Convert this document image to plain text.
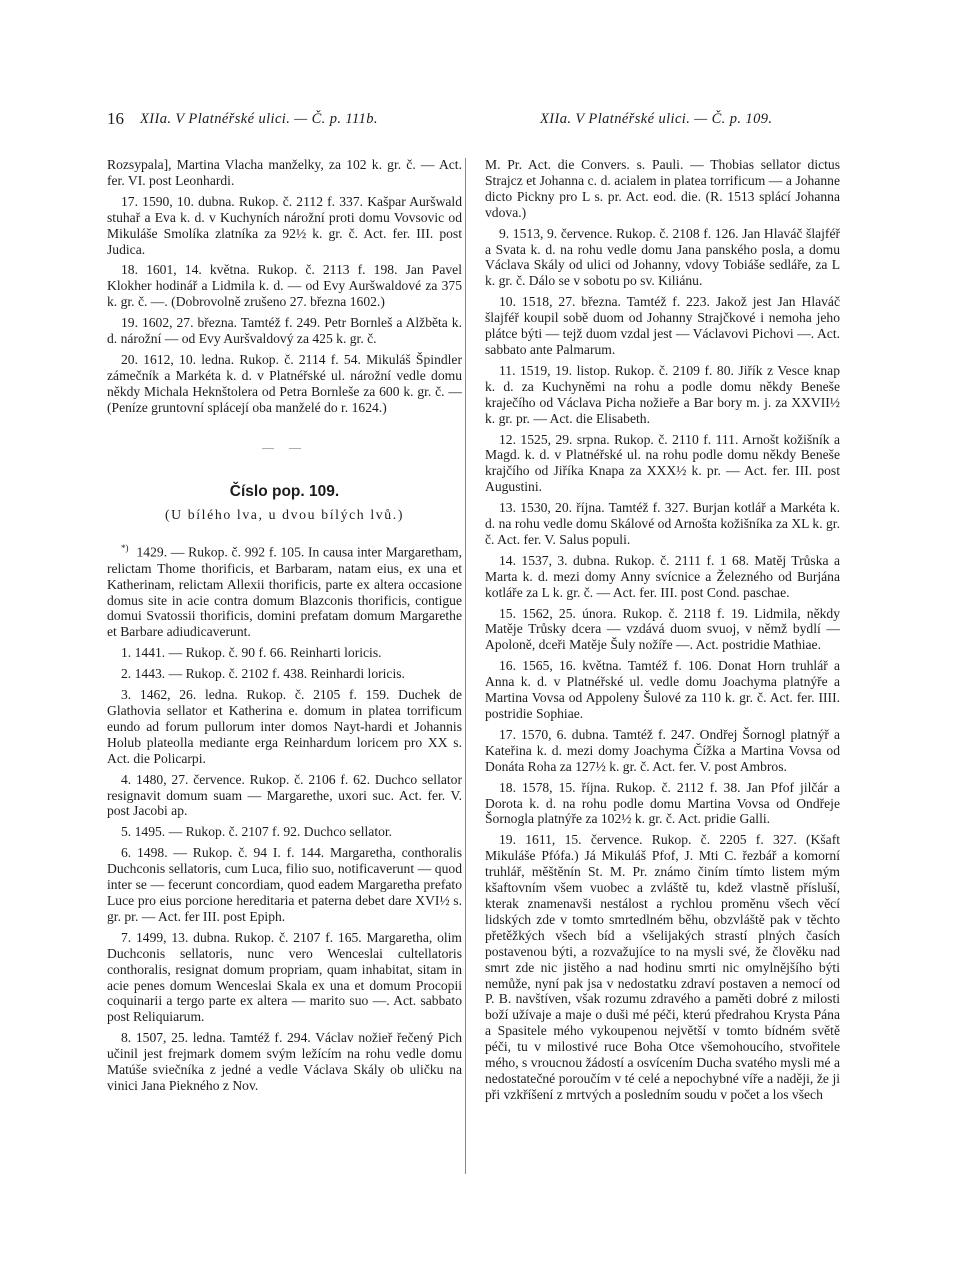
16 XIIa. V Platnéřské ulici. — Č. p. 111b.	XIIa. V Platnéřské ulici. — Č. p. 109.

Rozsypala], Martina Vlacha manželky, za 102 k. gr. č. — Act. fer. VI. post Leonhardi.

17. 1590, 10. dubna. Rukop. č. 2112 f. 337. Kašpar Auršwald stuhař a Eva k. d. v Kuchyních nárožní proti domu Vovsovic od Mikuláše Smolíka zlatníka za 92½ k. gr. č. Act. fer. III. post Judica.

18. 1601, 14. května. Rukop. č. 2113 f. 198. Jan Pavel Klokher hodinář a Lidmila k. d. — od Evy Auršwaldové za 375 k. gr. č. —. (Dobrovolně zrušeno 27. března 1602.)

19. 1602, 27. března. Tamtéž f. 249. Petr Bornleš a Alžběta k. d. nárožní — od Evy Auršvaldový za 425 k. gr. č.

20. 1612, 10. ledna. Rukop. č. 2114 f. 54. Mikuláš Špindler zámečník a Markéta k. d. v Platnéřské ul. nárožní vedle domu někdy Michala Heknštolera od Petra Bornleše za 600 k. gr. č. — (Peníze gruntovní splácejí oba manželé do r. 1624.)

— —
Číslo pop. 109.
(U bílého lva, u dvou bílých lvů.)

*) 1429. — Rukop. č. 992 f. 105. In causa inter Margaretham, relictam Thome thorificis, et Barbaram, natam eius, ex una et Katherinam, relictam Allexii thorificis, parte ex altera occasione domus site in acie contra domum Blazconis thorificis, contigue domui Svatossii thorificis, domini prefatam domum Margarethe et Barbare adiudicaverunt.

1. 1441. — Rukop. č. 90 f. 66. Reinharti loricis.

2. 1443. — Rukop. č. 2102 f. 438. Reinhardi loricis.

3. 1462, 26. ledna. Rukop. č. 2105 f. 159. Duchek de Glathovia sellator et Katherina e. domum in platea torrificum eundo ad forum pullorum inter domos Nayt-hardi et Johannis Holub plateolla mediante erga Reinhardum loricem pro XX s. Act. die Policarpi.

4. 1480, 27. července. Rukop. č. 2106 f. 62. Duchco sellator resignavit domum suam — Margarethe, uxori suc. Act. fer. V. post Jacobi ap.

5. 1495. — Rukop. č. 2107 f. 92. Duchco sellator.

6. 1498. — Rukop. č. 94 I. f. 144. Margaretha, conthoralis Duchconis sellatoris, cum Luca, filio suo, notificaverunt — quod inter se — fecerunt concordiam, quod eadem Margaretha prefato Luce pro eius porcione hereditaria et paterna debet dare XVI½ s. gr. pr. — Act. fer III. post Epiph.

7. 1499, 13. dubna. Rukop. č. 2107 f. 165. Margaretha, olim Duchconis sellatoris, nunc vero Wenceslai cultellatoris conthoralis, resignat domum propriam, quam inhabitat, sitam in acie penes domum Wenceslai Skala ex una et domum Procopii coquinarii a tergo parte ex altera — marito suo —. Act. sabbato post Reliquiarum.

8. 1507, 25. ledna. Tamtéž f. 294. Václav nožieř řečený Pich učinil jest frejmark domem svým ležícím na rohu vedle domu Matúše sviečníka z jedné a vedle Václava Skály ob uličku na vinici Jana Piekného z Nov.

M. Pr. Act. die Convers. s. Pauli. — Thobias sellator dictus Strajcz et Johanna c. d. acialem in platea torrificum — a Johanne dicto Pickny pro L s. pr. Act. eod. die. (R. 1513 splácí Johanna vdova.)

9. 1513, 9. července. Rukop. č. 2108 f. 126. Jan Hlaváč šlajféř a Svata k. d. na rohu vedle domu Jana panského posla, a domu Václava Skály od ulici od Johanny, vdovy Tobiáše sedláře, za L k. gr. č. Dálo se v sobotu po sv. Kiliánu.

10. 1518, 27. března. Tamtéž f. 223. Jakož jest Jan Hlaváč šlajféř koupil sobě duom od Johanny Strajčkové i nemoha jeho plátce býti — tejž duom vzdal jest — Václavovi Pichovi —. Act. sabbato ante Palmarum.

11. 1519, 19. listop. Rukop. č. 2109 f. 80. Jiřík z Vesce knap k. d. za Kuchyněmi na rohu a podle domu někdy Beneše kraječího od Václava Picha nožieře a Bar bory m. j. za XXVII½ k. gr. pr. — Act. die Elisabeth.

12. 1525, 29. srpna. Rukop. č. 2110 f. 111. Arnošt kožišník a Magd. k. d. v Platnéřské ul. na rohu podle domu někdy Beneše krajčího od Jiříka Knapa za XXX½ k. pr. — Act. fer. III. post Augustini.

13. 1530, 20. října. Tamtéž f. 327. Burjan kotlář a Markéta k. d. na rohu vedle domu Skálové od Arnošta kožišníka za XL k. gr. č. Act. fer. V. Salus populi.

14. 1537, 3. dubna. Rukop. č. 2111 f. 1 68. Matěj Trůska a Marta k. d. mezi domy Anny svícnice a Železného od Burjána kotláře za L k. gr. č. — Act. fer. III. post Cond. paschae.

15. 1562, 25. února. Rukop. č. 2118 f. 19. Lidmila, někdy Matěje Trůsky dcera — vzdává duom svuoj, v němž bydlí — Apoloně, dceři Matěje Šuly nožíře —. Act. postridie Mathiae.

16. 1565, 16. května. Tamtéž f. 106. Donat Horn truhlář a Anna k. d. v Platnéřské ul. vedle domu Joachyma platnýře a Martina Vovsa od Appoleny Šulové za 110 k. gr. č. Act. fer. IIII. postridie Sophiae.

17. 1570, 6. dubna. Tamtéž f. 247. Ondřej Šornogl platnýř a Kateřina k. d. mezi domy Joachyma Čížka a Martina Vovsa od Donáta Roha za 127½ k. gr. č. Act. fer. V. post Ambros.

18. 1578, 15. října. Rukop. č. 2112 f. 38. Jan Pfof jilčár a Dorota k. d. na rohu podle domu Martina Vovsa od Ondřeje Šornogla platnýře za 102½ k. gr. č. Act. pridie Galli.

19. 1611, 15. července. Rukop. č. 2205 f. 327. (Kšaft Mikuláše Pfófa.) Já Mikuláš Pfof, J. Mti C. řezbář a komorní truhlář, měštěnín St. M. Pr. známo činím tímto listem mým kšaftovním všem vuobec a zvláště tu, kdež vlastně přísluší, kterak znamenavši nestálost a rychlou proměnu všech věcí lidských zde v tomto smrtedlném běhu, obzvláště pak v těchto přetěžkých všech bíd a všelijakých strastí plných časích postavenou býti, a rozvažujíce to na mysli své, že člověku nad smrt zde nic jistěho a nad hodinu smrti nic omylnějšího býti nemůže, nyní pak jsa v nedostatku zdraví postaven a nemocí od P. B. navštíven, však rozumu zdravého a paměti dobré z milosti boží užívaje a maje o duši mé péči, kterú předrahou Krysta Pána a Spasitele mého vykoupenou největší v tomto bídném světě péči, tu v milostivé ruce Boha Otce všemohoucího, stvořitele mého, s vroucnou žádostí a osvícením Ducha svatého mysli mé a nedostatečné poroučím v té celé a nepochybné víře a naději, že ji při vzkříšení z mrtvých a posledním soudu v počet a los všech
